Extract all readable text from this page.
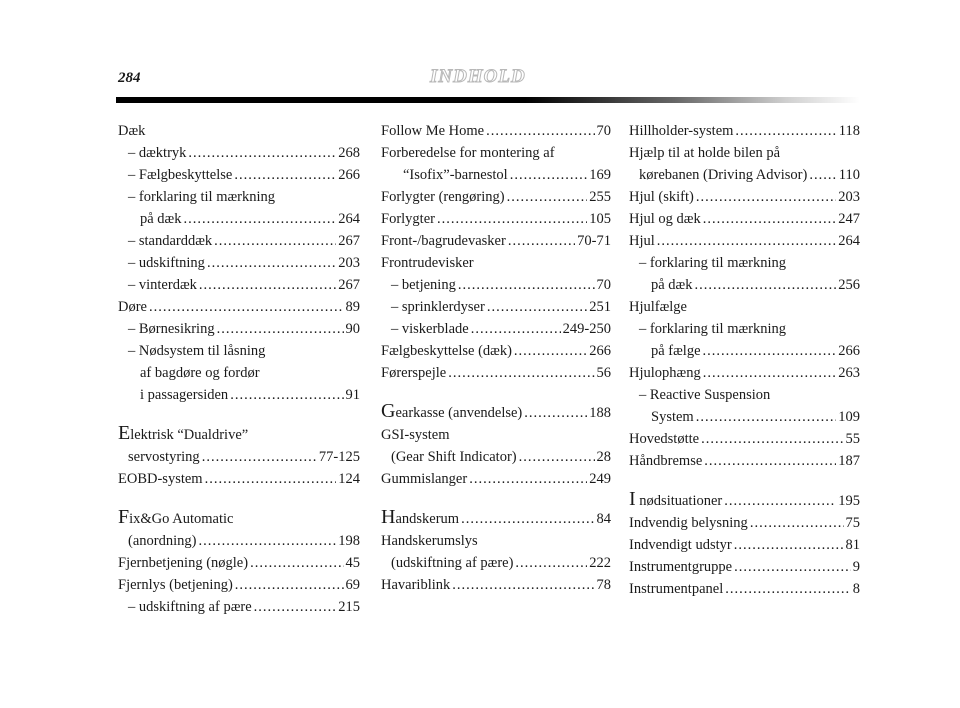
284	INDHOLD
Dæk
– dæktryk .....	268
– Fælgbeskyttelse .....	266
– forklaring til mærkning
på dæk .....	264
– standarddæk .....	267
– udskiftning .....	203
– vinterdæk .....	267
Døre .....	89
– Børnesikring .....	90
– Nødsystem til låsning
af bagdøre og fordør
i passagersiden .....	91
Elektrisk “Dualdrive”
servostyring .....	77-125
EOBD-system .....	124
Fix&Go Automatic
(anordning) .....	198
Fjernbetjening (nøgle) .....	45
Fjernlys (betjening) .....	69
– udskiftning af pære .....	215
Follow Me Home .....	70
Forberedelse for montering af
“Isofix”-barnestol .....	169
Forlygter (rengøring) .....	255
Forlygter .....	105
Front-/bagrudevasker .....	70-71
Frontrudevisker
– betjening .....	70
– sprinklerdyser .....	251
– viskerblade .....	249-250
Fælgbeskyttelse (dæk) .....	266
Førerspejle .....	56
Gearkasse (anvendelse) .....	188
GSI-system
(Gear Shift Indicator) .....	28
Gummislanger .....	249
Handskerum .....	84
Handskerumslys
(udskiftning af pære) .....	222
Havariblink .....	78
Hillholder-system .....	118
Hjælp til at holde bilen på
kørebanen (Driving Advisor) ..... 110
Hjul (skift) .....	203
Hjul og dæk .....	247
Hjul .....	264
– forklaring til mærkning
på dæk .....	256
Hjulfælge
– forklaring til mærkning
på fælge .....	266
Hjulophæng .....	263
– Reactive Suspension
System .....	109
Hovedstøtte .....	55
Håndbremse .....	187
I nødsituationer .....	195
Indvendig belysning .....	75
Indvendigt udstyr .....	81
Instrumentgruppe .....	9
Instrumentpanel .....	8
